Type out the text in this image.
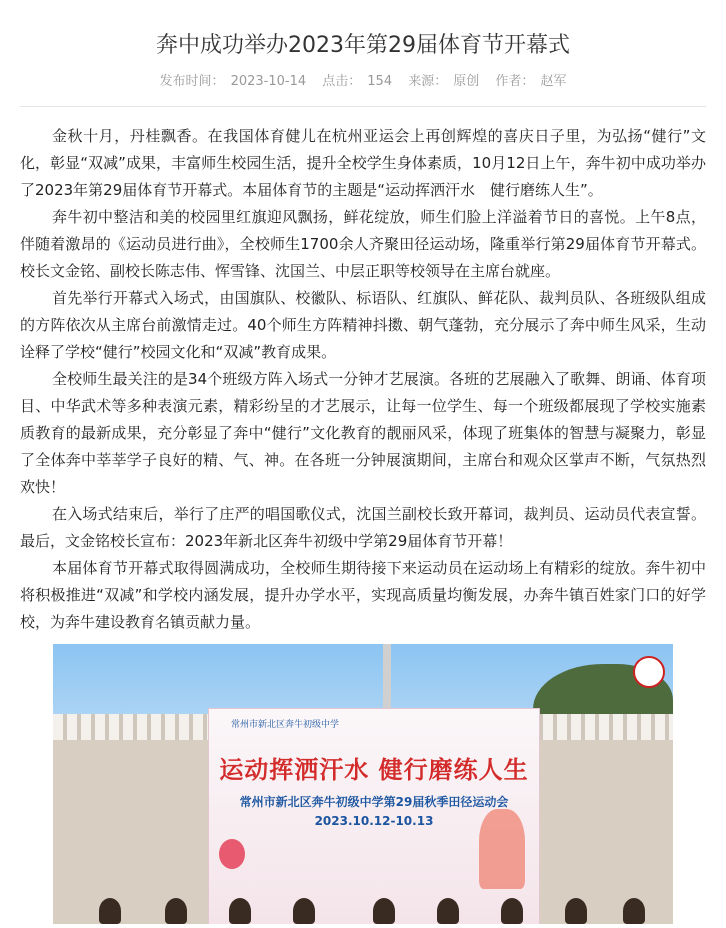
奔中成功举办2023年第29届体育节开幕式
发布时间： 2023-10-14 点击： 154 来源： 原创 作者： 赵军

金秋十月，丹桂飘香。在我国体育健儿在杭州亚运会上再创辉煌的喜庆日子里，为弘扬“健行”文化，彰显“双减”成果，丰富师生校园生活，提升全校学生身体素质，10月12日上午，奔牛初中成功举办了2023年第29届体育节开幕式。本届体育节的主题是“运动挥洒汗水　健行磨练人生”。

奔牛初中整洁和美的校园里红旗迎风飘扬，鲜花绽放，师生们脸上洋溢着节日的喜悦。上午8点，伴随着激昂的《运动员进行曲》，全校师生1700余人齐聚田径运动场，隆重举行第29届体育节开幕式。校长文金铭、副校长陈志伟、恽雪锋、沈国兰、中层正职等校领导在主席台就座。

首先举行开幕式入场式，由国旗队、校徽队、标语队、红旗队、鲜花队、裁判员队、各班级队组成的方阵依次从主席台前激情走过。40个师生方阵精神抖擞、朝气蓬勃，充分展示了奔中师生风采，生动诠释了学校“健行”校园文化和“双减”教育成果。

全校师生最关注的是34个班级方阵入场式一分钟才艺展演。各班的艺展融入了歌舞、朗诵、体育项目、中华武术等多种表演元素，精彩纷呈的才艺展示，让每一位学生、每一个班级都展现了学校实施素质教育的最新成果，充分彰显了奔中“健行”文化教育的靓丽风采，体现了班集体的智慧与凝聚力，彰显了全体奔中莘莘学子良好的精、气、神。在各班一分钟展演期间，主席台和观众区掌声不断，气氛热烈欢快！

在入场式结束后，举行了庄严的唱国歌仪式，沈国兰副校长致开幕词，裁判员、运动员代表宣誓。最后，文金铭校长宣布：2023年新北区奔牛初级中学第29届体育节开幕！

本届体育节开幕式取得圆满成功，全校师生期待接下来运动员在运动场上有精彩的绽放。奔牛初中将积极推进“双减”和学校内涵发展，提升办学水平，实现高质量均衡发展，办奔牛镇百姓家门口的好学校，为奔牛建设教育名镇贡献力量。

常州市新北区奔牛初级中学
运动挥洒汗水 健行磨练人生
常州市新北区奔牛初级中学第29届秋季田径运动会
2023.10.12-10.13
